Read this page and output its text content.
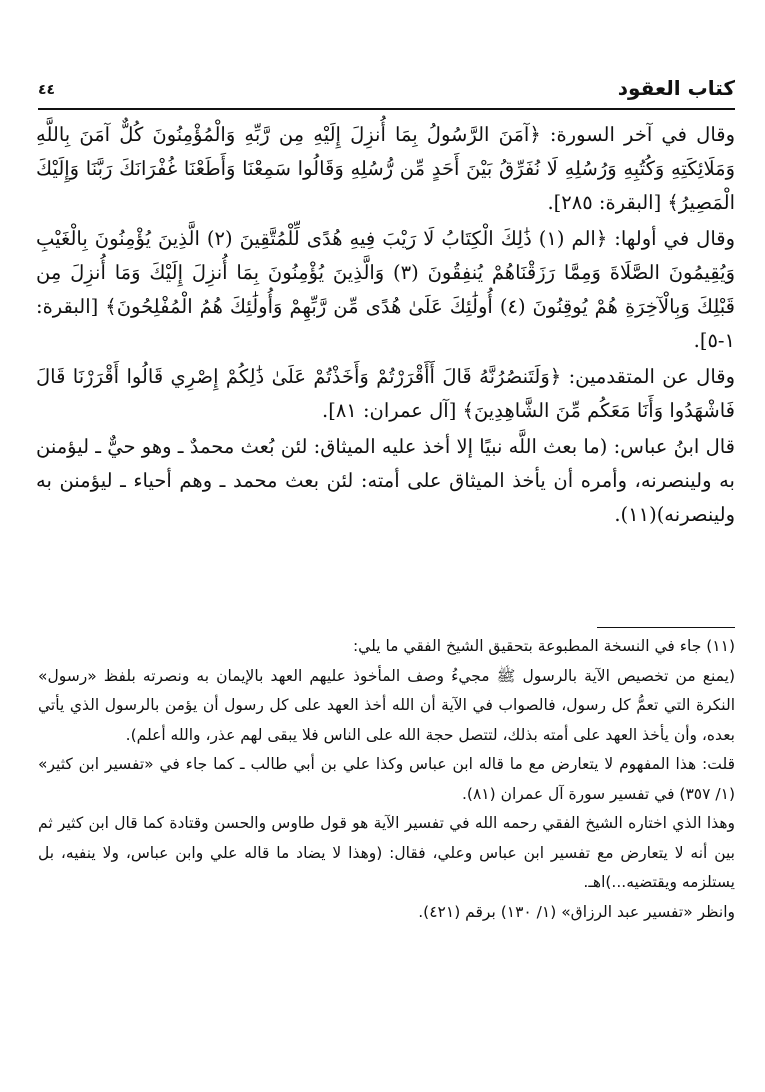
كتاب العقود
٤٤

وقال في آخر السورة: ﴿آمَنَ الرَّسُولُ بِمَا أُنزِلَ إِلَيْهِ مِن رَّبِّهِ وَالْمُؤْمِنُونَ كُلٌّ آمَنَ بِاللَّهِ وَمَلَائِكَتِهِ وَكُتُبِهِ وَرُسُلِهِ لَا نُفَرِّقُ بَيْنَ أَحَدٍ مِّن رُّسُلِهِ وَقَالُوا سَمِعْنَا وَأَطَعْنَا غُفْرَانَكَ رَبَّنَا وَإِلَيْكَ الْمَصِيرُ﴾ [البقرة: ٢٨٥].

وقال في أولها: ﴿الم (١) ذَٰلِكَ الْكِتَابُ لَا رَيْبَ فِيهِ هُدًى لِّلْمُتَّقِينَ (٢) الَّذِينَ يُؤْمِنُونَ بِالْغَيْبِ وَيُقِيمُونَ الصَّلَاةَ وَمِمَّا رَزَقْنَاهُمْ يُنفِقُونَ (٣) وَالَّذِينَ يُؤْمِنُونَ بِمَا أُنزِلَ إِلَيْكَ وَمَا أُنزِلَ مِن قَبْلِكَ وَبِالْآخِرَةِ هُمْ يُوقِنُونَ (٤) أُولَٰئِكَ عَلَىٰ هُدًى مِّن رَّبِّهِمْ وَأُولَٰئِكَ هُمُ الْمُفْلِحُونَ﴾ [البقرة: ١-٥].

وقال عن المتقدمين: ﴿وَلَتَنصُرُنَّهُ قَالَ أَأَقْرَرْتُمْ وَأَخَذْتُمْ عَلَىٰ ذَٰلِكُمْ إِصْرِي قَالُوا أَقْرَرْنَا قَالَ فَاشْهَدُوا وَأَنَا مَعَكُم مِّنَ الشَّاهِدِينَ﴾ [آل عمران: ٨١].

قال ابنُ عباس: (ما بعث اللَّه نبيًا إلا أخذ عليه الميثاق: لئن بُعث محمدٌ ـ وهو حيٌّ ـ ليؤمنن به ولينصرنه، وأمره أن يأخذ الميثاق على أمته: لئن بعث محمد ـ وهم أحياء ـ ليؤمنن به ولينصرنه)(١١).

(١١) جاء في النسخة المطبوعة بتحقيق الشيخ الفقي ما يلي:

(يمنع من تخصيص الآية بالرسول ﷺ مجيءُ وصف المأخوذ عليهم العهد بالإيمان به ونصرته بلفظ «رسول» النكرة التي تعمُّ كل رسول، فالصواب في الآية أن الله أخذ العهد على كل رسول أن يؤمن بالرسول الذي يأتي بعده، وأن يأخذ العهد على أمته بذلك، لتتصل حجة الله على الناس فلا يبقى لهم عذر، والله أعلم).

قلت: هذا المفهوم لا يتعارض مع ما قاله ابن عباس وكذا علي بن أبي طالب ـ كما جاء في «تفسير ابن كثير» (١/ ٣٥٧) في تفسير سورة آل عمران (٨١).

وهذا الذي اختاره الشيخ الفقي رحمه الله في تفسير الآية هو قول طاوس والحسن وقتادة كما قال ابن كثير ثم بين أنه لا يتعارض مع تفسير ابن عباس وعلي، فقال: (وهذا لا يضاد ما قاله علي وابن عباس، ولا ينفيه، بل يستلزمه ويقتضيه...)اهـ.

وانظر «تفسير عبد الرزاق» (١/ ١٣٠) برقم (٤٢١).
